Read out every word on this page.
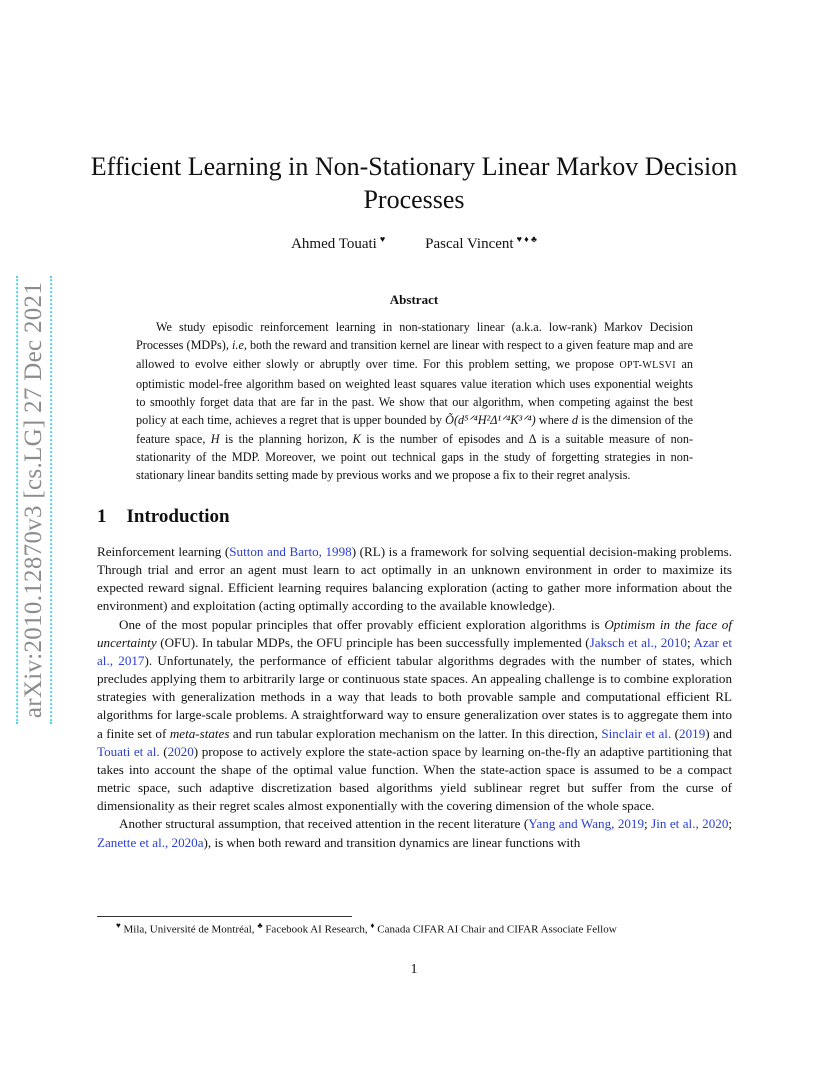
arXiv:2010.12870v3 [cs.LG] 27 Dec 2021
Efficient Learning in Non-Stationary Linear Markov Decision Processes
Ahmed Touati ♥	Pascal Vincent ♥ ♦ ♣
Abstract

We study episodic reinforcement learning in non-stationary linear (a.k.a. low-rank) Markov Decision Processes (MDPs), i.e, both the reward and transition kernel are linear with respect to a given feature map and are allowed to evolve either slowly or abruptly over time. For this problem setting, we propose OPT-WLSVI an optimistic model-free algorithm based on weighted least squares value iteration which uses exponential weights to smoothly forget data that are far in the past. We show that our algorithm, when competing against the best policy at each time, achieves a regret that is upper bounded by Õ(d⁵ᐟ⁴H²Δ¹ᐟ⁴K³ᐟ⁴) where d is the dimension of the feature space, H is the planning horizon, K is the number of episodes and Δ is a suitable measure of non-stationarity of the MDP. Moreover, we point out technical gaps in the study of forgetting strategies in non-stationary linear bandits setting made by previous works and we propose a fix to their regret analysis.

1 Introduction

Reinforcement learning (Sutton and Barto, 1998) (RL) is a framework for solving sequential decision-making problems. Through trial and error an agent must learn to act optimally in an unknown environment in order to maximize its expected reward signal. Efficient learning requires balancing exploration (acting to gather more information about the environment) and exploitation (acting optimally according to the available knowledge).

One of the most popular principles that offer provably efficient exploration algorithms is Optimism in the face of uncertainty (OFU). In tabular MDPs, the OFU principle has been successfully implemented (Jaksch et al., 2010; Azar et al., 2017). Unfortunately, the performance of efficient tabular algorithms degrades with the number of states, which precludes applying them to arbitrarily large or continuous state spaces. An appealing challenge is to combine exploration strategies with generalization methods in a way that leads to both provable sample and computational efficient RL algorithms for large-scale problems. A straightforward way to ensure generalization over states is to aggregate them into a finite set of meta-states and run tabular exploration mechanism on the latter. In this direction, Sinclair et al. (2019) and Touati et al. (2020) propose to actively explore the state-action space by learning on-the-fly an adaptive partitioning that takes into account the shape of the optimal value function. When the state-action space is assumed to be a compact metric space, such adaptive discretization based algorithms yield sublinear regret but suffer from the curse of dimensionality as their regret scales almost exponentially with the covering dimension of the whole space.

Another structural assumption, that received attention in the recent literature (Yang and Wang, 2019; Jin et al., 2020; Zanette et al., 2020a), is when both reward and transition dynamics are linear functions with

♥ Mila, Université de Montréal, ♣ Facebook AI Research, ♦ Canada CIFAR AI Chair and CIFAR Associate Fellow
1
